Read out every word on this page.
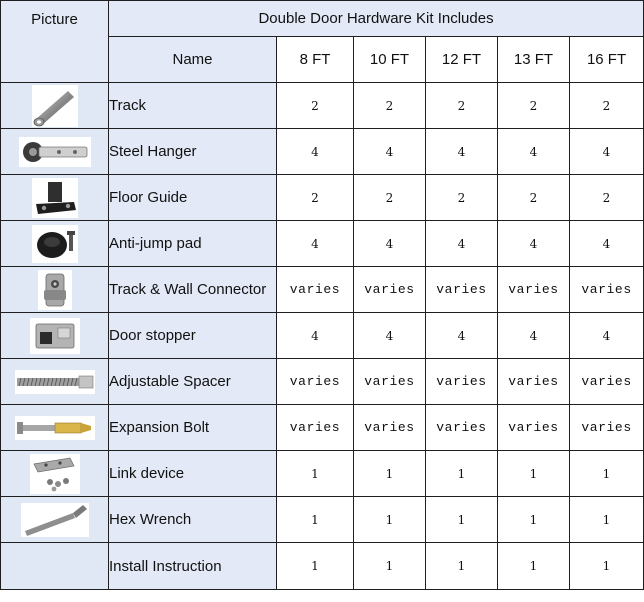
Picture	Double Door Hardware Kit Includes					
	Name	8 FT	10 FT	12 FT	13 FT	16 FT

	Track	2	2	2	2	2

	Steel Hanger	4	4	4	4	4

	Floor Guide	2	2	2	2	2

	Anti-jump pad	4	4	4	4	4

	Track & Wall Connector	varies	varies	varies	varies	varies

	Door stopper	4	4	4	4	4

	Adjustable Spacer	varies	varies	varies	varies	varies

	Expansion Bolt	varies	varies	varies	varies	varies

	Link device	1	1	1	1	1

	Hex Wrench	1	1	1	1	1
	Install Instruction	1	1	1	1	1
